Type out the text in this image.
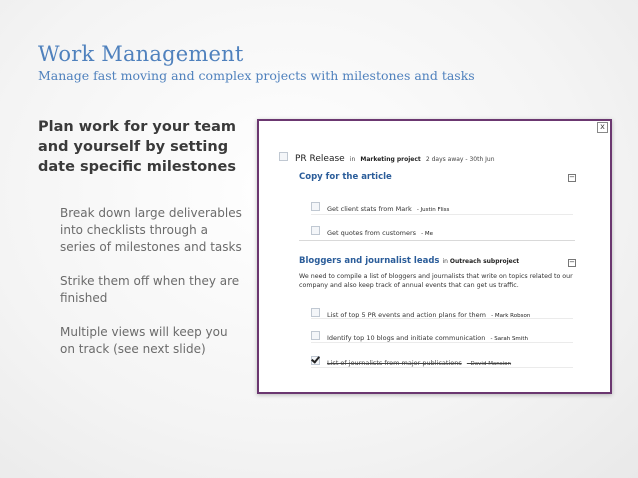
Work Management
Manage fast moving and complex projects with milestones and tasks
Plan work for your team and yourself by setting date specific milestones
Break down large deliverables into checklists through a series of milestones and tasks
Strike them off when they are finished
Multiple views will keep you on track (see next slide)
x
PR Release in Marketing project 2 days away - 30th Jun
Copy for the article	−
Get client stats from Mark - Justin Fliss
Get quotes from customers - Me
Bloggers and journalist leads in Outreach subproject	−
We need to compile a list of bloggers and journalists that write on topics related to our company and also keep track of annual events that can get us traffic.
List of top 5 PR events and action plans for them - Mark Robson
Identify top 10 blogs and initiate communication - Sarah Smith
List of journalists from major publications - David Mansion
